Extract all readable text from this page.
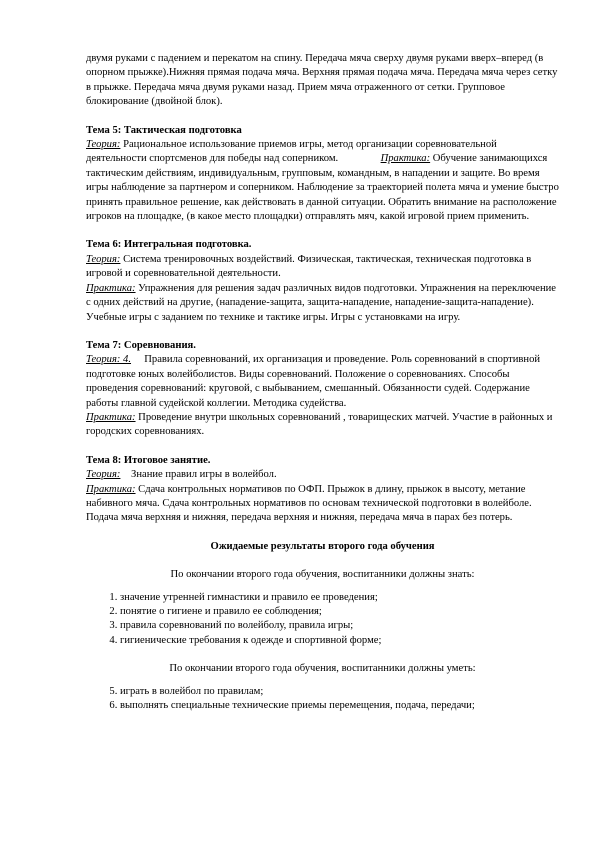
двумя руками с падением и перекатом на спину. Передача мяча сверху двумя руками вверх–вперед (в опорном прыжке).Нижняя прямая подача мяча. Верхняя прямая подача мяча. Передача мяча через сетку в прыжке. Передача мяча двумя руками назад. Прием мяча отраженного от сетки. Групповое блокирование (двойной блок).

Тема 5: Тактическая подготовка

Теория: Рациональное использование приемов игры, метод организации соревновательной деятельности спортсменов для победы над соперником.	Практика: Обучение занимающихся тактическим действиям, индивидуальным, групповым, командным, в нападении и защите. Во время игры наблюдение за партнером и соперником. Наблюдение за траекторией полета мяча и умение быстро принять правильное решение, как действовать в данной ситуации. Обратить внимание на расположение игроков на площадке, (в какое место площадки) отправлять мяч, какой игровой прием применить.

Тема 6: Интегральная подготовка.

Теория: Система тренировочных воздействий. Физическая, тактическая, техническая подготовка в игровой и соревновательной деятельности.

Практика: Упражнения для решения задач различных видов подготовки. Упражнения на переключение с одних действий на другие, (нападение-защита, защита-нападение, нападение-защита-нападение). Учебные игры с заданием по технике и тактике игры. Игры с установками на игру.

Тема 7: Соревнования.

Теория: 4.     Правила соревнований, их организация и проведение. Роль соревнований в спортивной подготовке юных волейболистов. Виды соревнований. Положение о соревнованиях. Способы проведения соревнований: круговой, с выбыванием, смешанный. Обязанности судей. Содержание работы главной судейской коллегии. Методика судейства.

Практика: Проведение внутри школьных соревнований , товарищеских матчей. Участие в районных и городских соревнованиях.

Тема 8: Итоговое занятие.

Теория:    Знание правил игры в волейбол.

Практика: Сдача контрольных нормативов по ОФП. Прыжок в длину, прыжок в высоту, метание набивного мяча. Сдача контрольных нормативов по основам технической подготовки в волейболе. Подача мяча верхняя и нижняя, передача верхняя и нижняя, передача мяча в парах без потерь.

Ожидаемые результаты второго года обучения

По окончании второго года обучения, воспитанники должны знать:

1. значение утренней гимнастики и правило ее проведения;
2. понятие о гигиене и правило ее соблюдения;
3. правила соревнований по волейболу, правила игры;
4. гигиенические требования к одежде и спортивной форме;

По окончании второго года обучения, воспитанники должны уметь:

5. играть в волейбол по правилам;
6. выполнять специальные технические приемы перемещения, подача, передачи;
